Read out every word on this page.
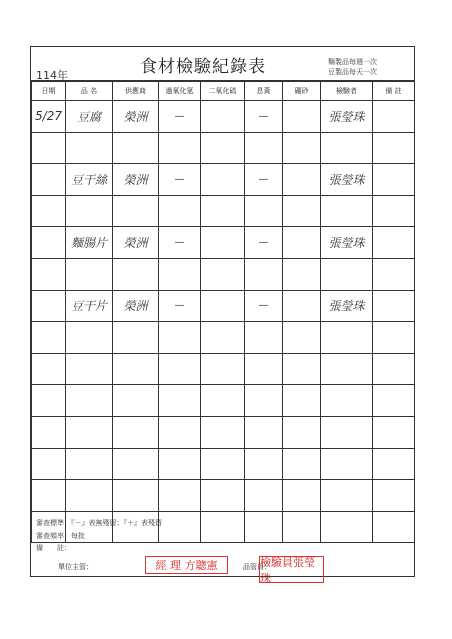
114年	食材檢驗紀錄表	麵製品每週一次
豆製品每天一次
日期	品 名	供應商	過氧化氫	二氧化硫	息黃	硼砂	檢驗者	備 註
5/27	豆腐	榮洲	—		—		張瑩珠	

	豆干絲	榮洲	—		—		張瑩珠	

	麵腸片	榮洲	—		—		張瑩珠	

	豆干片	榮洲	—		—		張瑩珠	

審查標準：『－』表無殘留；『＋』表殘留
審查頻率：每批
備　　註：
單位主管：	經 理 方聰憲	品管員：
檢驗員張瑩珠
